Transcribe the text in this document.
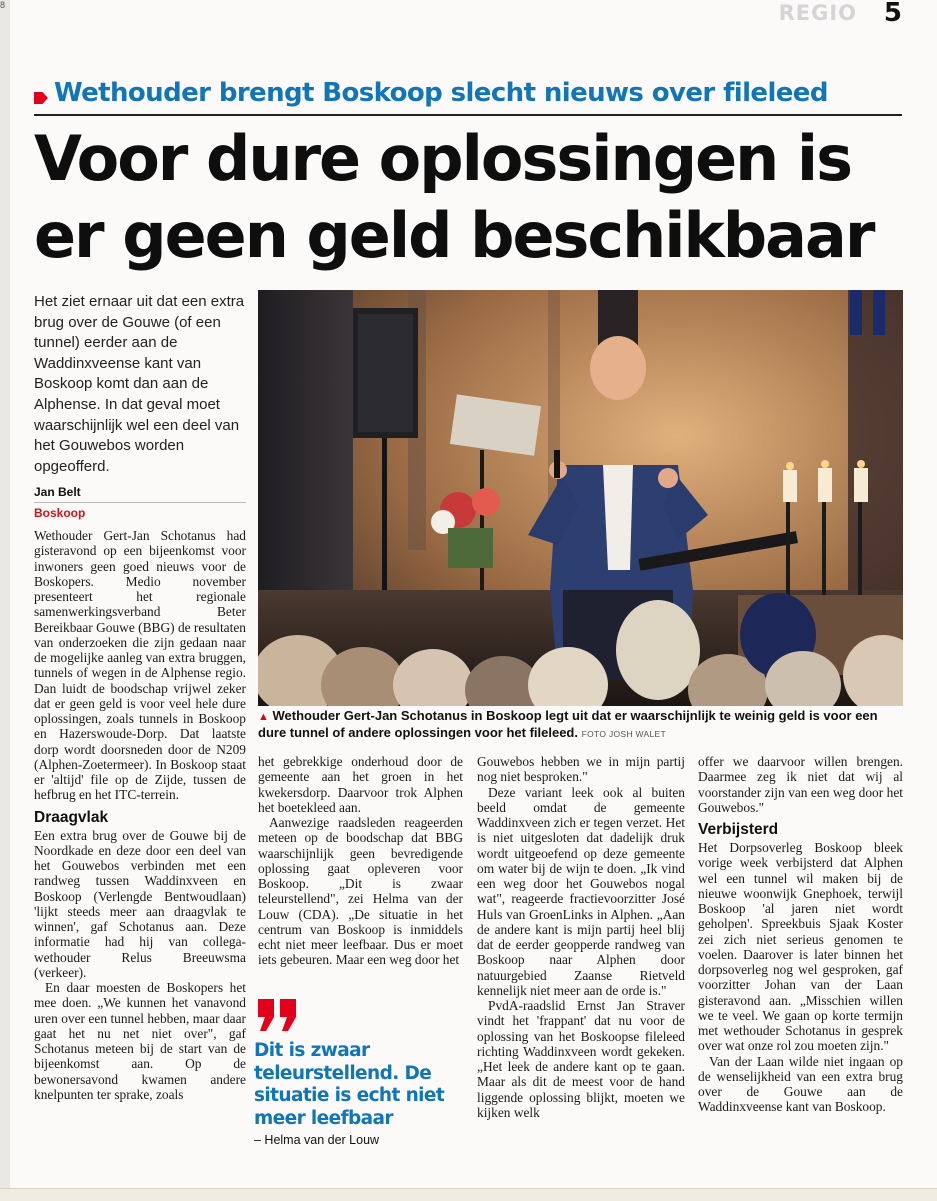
8	REGIO 5
Wethouder brengt Boskoop slecht nieuws over fileleed
Voor dure oplossingen is
er geen geld beschikbaar
Het ziet ernaar uit dat een extra brug over de Gouwe (of een tunnel) eerder aan de Waddinxveense kant van Boskoop komt dan aan de Alphense. In dat geval moet waarschijnlijk wel een deel van het Gouwebos worden opgeofferd.
Jan Belt
Boskoop

Wethouder Gert-Jan Schotanus had gisteravond op een bijeenkomst voor inwoners geen goed nieuws voor de Boskopers. Medio november presenteert het regionale samenwerkingsverband Beter Bereikbaar Gouwe (BBG) de resultaten van onderzoeken die zijn gedaan naar de mogelijke aanleg van extra bruggen, tunnels of wegen in de Alphense regio. Dan luidt de boodschap vrijwel zeker dat er geen geld is voor veel hele dure oplossingen, zoals tunnels in Boskoop en Hazerswoude-Dorp. Dat laatste dorp wordt doorsneden door de N209 (Alphen-Zoetermeer). In Boskoop staat er 'altijd' file op de Zijde, tussen de hefbrug en het ITC-terrein.

Draagvlak

Een extra brug over de Gouwe bij de Noordkade en deze door een deel van het Gouwebos verbinden met een randweg tussen Waddinxveen en Boskoop (Verlengde Bentwoudlaan) 'lijkt steeds meer aan draagvlak te winnen', gaf Schotanus aan. Deze informatie had hij van collega-wethouder Relus Breeuwsma (verkeer).

En daar moesten de Boskopers het mee doen. „We kunnen het vanavond uren over een tunnel hebben, maar daar gaat het nu net niet over", gaf Schotanus meteen bij de start van de bijeenkomst aan. Op de bewonersavond kwamen andere knelpunten ter sprake, zoals

▲ Wethouder Gert-Jan Schotanus in Boskoop legt uit dat er waarschijnlijk te weinig geld is voor een dure tunnel of andere oplossingen voor het fileleed. FOTO JOSH WALET

het gebrekkige onderhoud door de gemeente aan het groen in het kwekersdorp. Daarvoor trok Alphen het boetekleed aan.

Aanwezige raadsleden reageerden meteen op de boodschap dat BBG waarschijnlijk geen bevredigende oplossing gaat opleveren voor Boskoop. „Dit is zwaar teleurstellend", zei Helma van der Louw (CDA). „De situatie in het centrum van Boskoop is inmiddels echt niet meer leefbaar. Dus er moet iets gebeuren. Maar een weg door het

Dit is zwaar teleurstellend. De situatie is echt niet meer leefbaar
– Helma van der Louw

Gouwebos hebben we in mijn partij nog niet besproken."

Deze variant leek ook al buiten beeld omdat de gemeente Waddinxveen zich er tegen verzet. Het is niet uitgesloten dat dadelijk druk wordt uitgeoefend op deze gemeente om water bij de wijn te doen. „Ik vind een weg door het Gouwebos nogal wat", reageerde fractievoorzitter José Huls van GroenLinks in Alphen. „Aan de andere kant is mijn partij heel blij dat de eerder geopperde randweg van Boskoop naar Alphen door natuurgebied Zaanse Rietveld kennelijk niet meer aan de orde is."

PvdA-raadslid Ernst Jan Straver vindt het 'frappant' dat nu voor de oplossing van het Boskoopse fileleed richting Waddinxveen wordt gekeken. „Het leek de andere kant op te gaan. Maar als dit de meest voor de hand liggende oplossing blijkt, moeten we kijken welk

offer we daarvoor willen brengen. Daarmee zeg ik niet dat wij al voorstander zijn van een weg door het Gouwebos."

Verbijsterd

Het Dorpsoverleg Boskoop bleek vorige week verbijsterd dat Alphen wel een tunnel wil maken bij de nieuwe woonwijk Gnephoek, terwijl Boskoop 'al jaren niet wordt geholpen'. Spreekbuis Sjaak Koster zei zich niet serieus genomen te voelen. Daarover is later binnen het dorpsoverleg nog wel gesproken, gaf voorzitter Johan van der Laan gisteravond aan. „Misschien willen we te veel. We gaan op korte termijn met wethouder Schotanus in gesprek over wat onze rol zou moeten zijn."

Van der Laan wilde niet ingaan op de wenselijkheid van een extra brug over de Gouwe aan de Waddinxveense kant van Boskoop.
